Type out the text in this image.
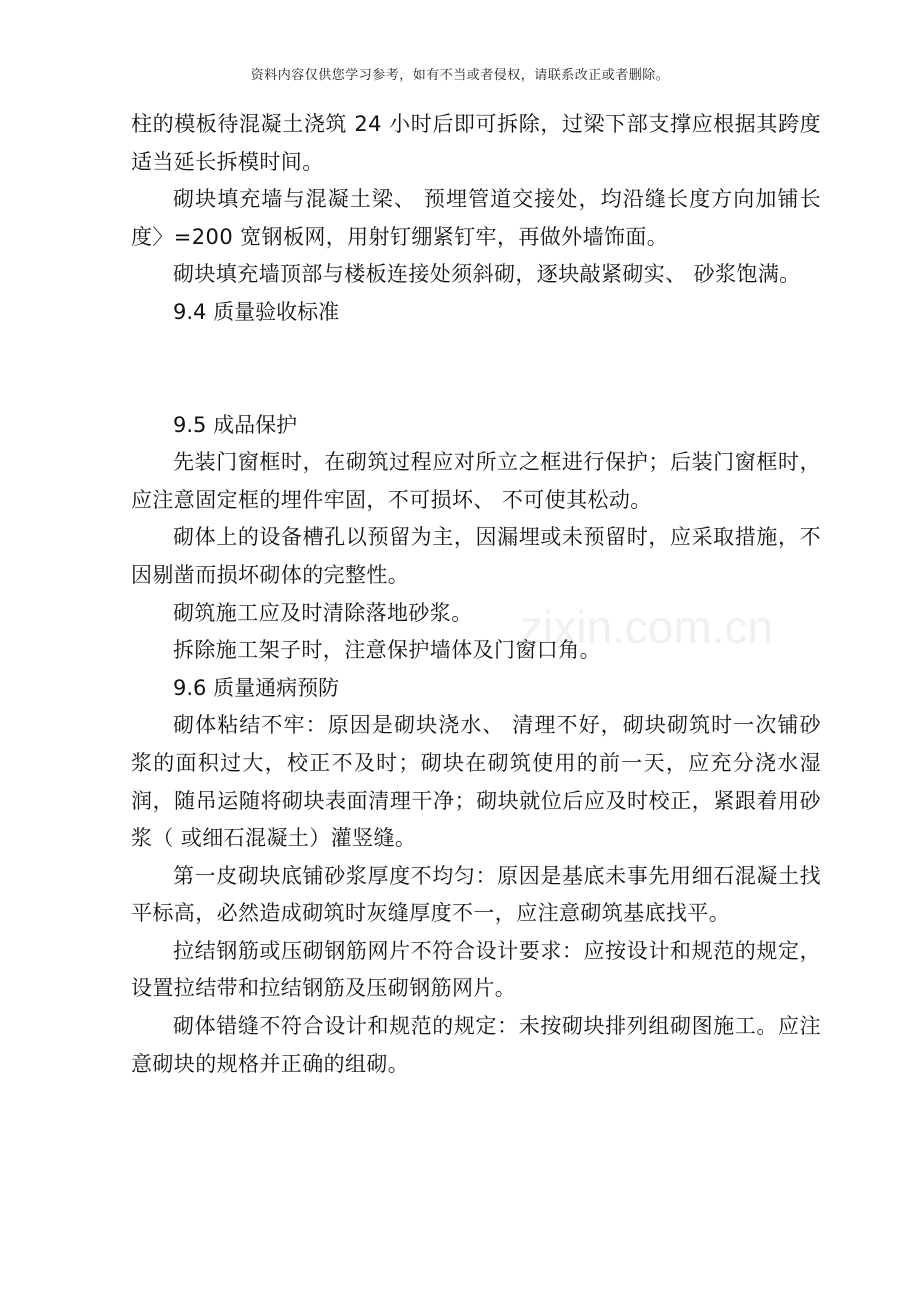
资料内容仅供您学习参考，如有不当或者侵权，请联系改正或者删除。
zixin.com.cn

柱的模板待混凝土浇筑 24 小时后即可拆除，过梁下部支撑应根据其跨度适当延长拆模时间。

砌块填充墙与混凝土梁、 预埋管道交接处，均沿缝长度方向加铺长度〉=200 宽钢板网，用射钉绷紧钉牢，再做外墙饰面。

砌块填充墙顶部与楼板连接处须斜砌，逐块敲紧砌实、 砂浆饱满。

9.4 质量验收标准

9.5 成品保护

先装门窗框时，在砌筑过程应对所立之框进行保护；后装门窗框时，应注意固定框的埋件牢固，不可损坏、 不可使其松动。

砌体上的设备槽孔以预留为主，因漏埋或未预留时，应采取措施，不因剔凿而损坏砌体的完整性。

砌筑施工应及时清除落地砂浆。

拆除施工架子时，注意保护墙体及门窗口角。

9.6 质量通病预防

砌体粘结不牢：原因是砌块浇水、 清理不好，砌块砌筑时一次铺砂浆的面积过大，校正不及时；砌块在砌筑使用的前一天，应充分浇水湿润，随吊运随将砌块表面清理干净；砌块就位后应及时校正，紧跟着用砂浆（ 或细石混凝土）灌竖缝。

第一皮砌块底铺砂浆厚度不均匀：原因是基底未事先用细石混凝土找平标高，必然造成砌筑时灰缝厚度不一，应注意砌筑基底找平。

拉结钢筋或压砌钢筋网片不符合设计要求：应按设计和规范的规定，设置拉结带和拉结钢筋及压砌钢筋网片。

砌体错缝不符合设计和规范的规定：未按砌块排列组砌图施工。应注意砌块的规格并正确的组砌。
